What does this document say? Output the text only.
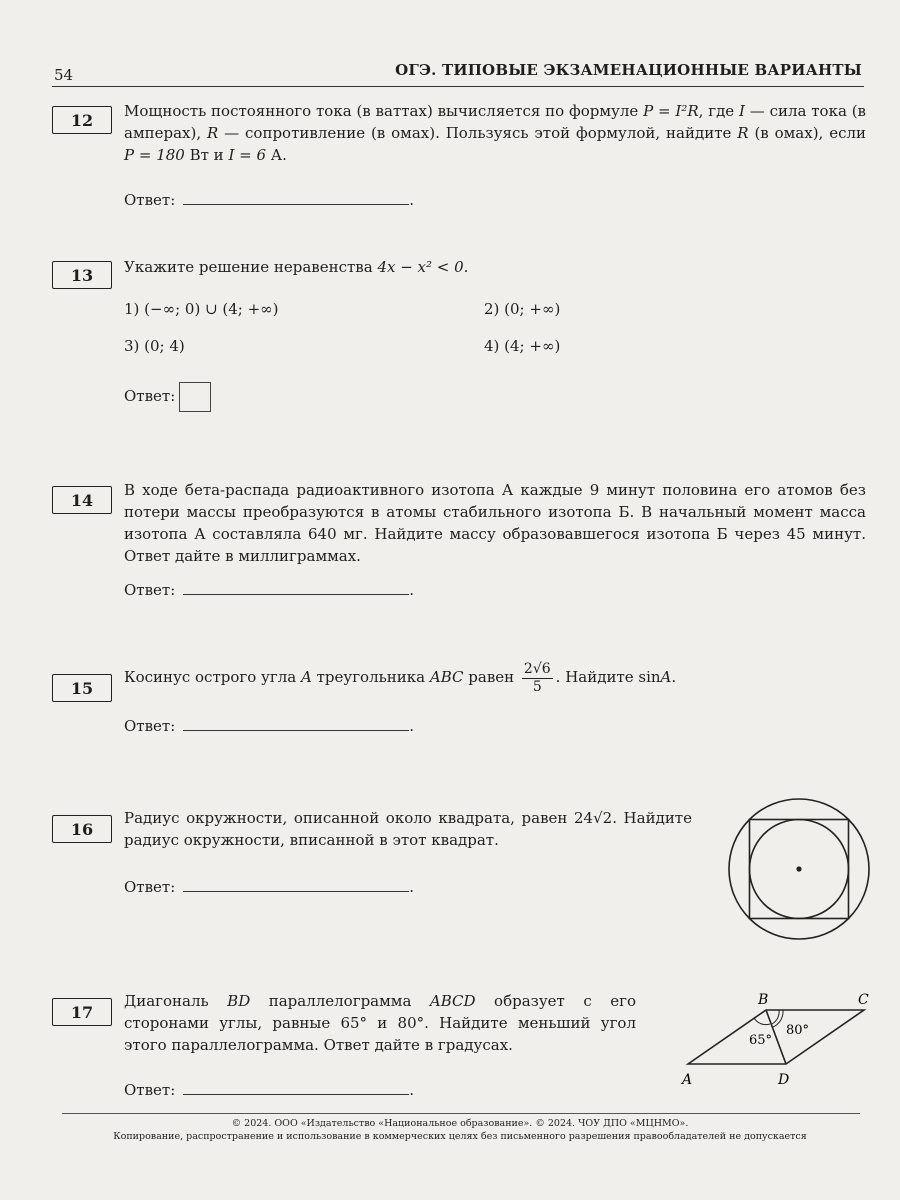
54	ОГЭ. ТИПОВЫЕ ЭКЗАМЕНАЦИОННЫЕ ВАРИАНТЫ
12	Мощность постоянного тока (в ваттах) вычисляется по формуле P = I²R, где I — сила тока (в амперах), R — сопротивление (в омах). Пользуясь этой формулой, найдите R (в омах), если P = 180 Вт и I = 6 А.
Ответ:	.
13	Укажите решение неравенства 4x − x² < 0.
1) (−∞; 0) ∪ (4; +∞)	2) (0; +∞)
3) (0; 4)	4) (4; +∞)
Ответ:
14
В ходе бета-распада радиоактивного изотопа А каждые 9 минут половина его атомов без потери массы преобразуются в атомы стабильного изотопа Б. В начальный момент масса изотопа А составляла 640 мг. Найдите массу образовавшегося изотопа Б через 45 минут. Ответ дайте в миллиграммах.
Ответ:	.
15
Косинус острого угла A треугольника ABC равен $\frac{2√6}{5}$ . Найдите sinA.
Ответ:	.
16
Радиус окружности, описанной около квадрата, равен 24√2. Найдите радиус окружности, вписанной в этот квадрат.
Ответ:	.
17
Диагональ BD параллелограмма ABCD образует с его сторонами углы, равные 65° и 80°. Найдите меньший угол этого параллелограмма. Ответ дайте в градусах.
Ответ:	.
A
B	C
D
65°
80°
© 2024. ООО «Издательство «Национальное образование». © 2024. ЧОУ ДПО «МЦНМО».
Копирование, распространение и использование в коммерческих целях без письменного разрешения правообладателей не допускается
